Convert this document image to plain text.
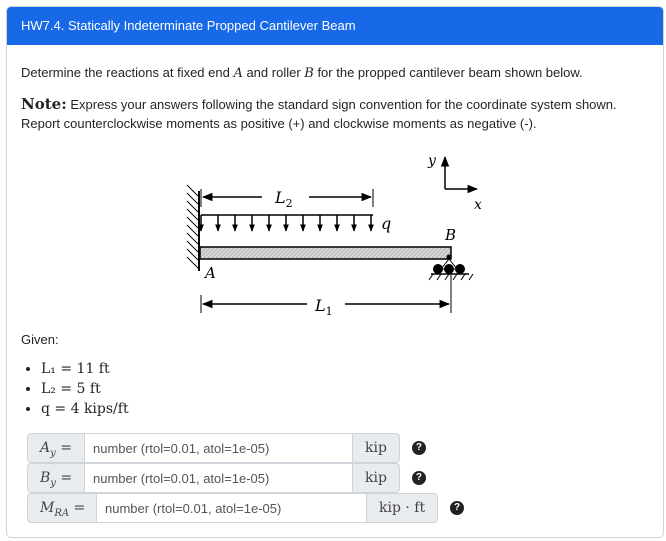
HW7.4. Statically Indeterminate Propped Cantilever Beam
Determine the reactions at fixed end A and roller B for the propped cantilever beam shown below.
Note: Express your answers following the standard sign convention for the coordinate system shown.
Report counterclockwise moments as positive (+) and clockwise moments as negative (-).
y
x
$L_2$
q
A
B
$L_1$
Given:
• L₁ = 11 ft
• L₂ = 5 ft
• q = 4 kips/ft
$A_y$ =
number (rtol=0.01, atol=1e-05)	kip	?
$B_y$ =
number (rtol=0.01, atol=1e-05)	kip	?
$M_{RA}$ =
number (rtol=0.01, atol=1e-05)	kip · ft	?
